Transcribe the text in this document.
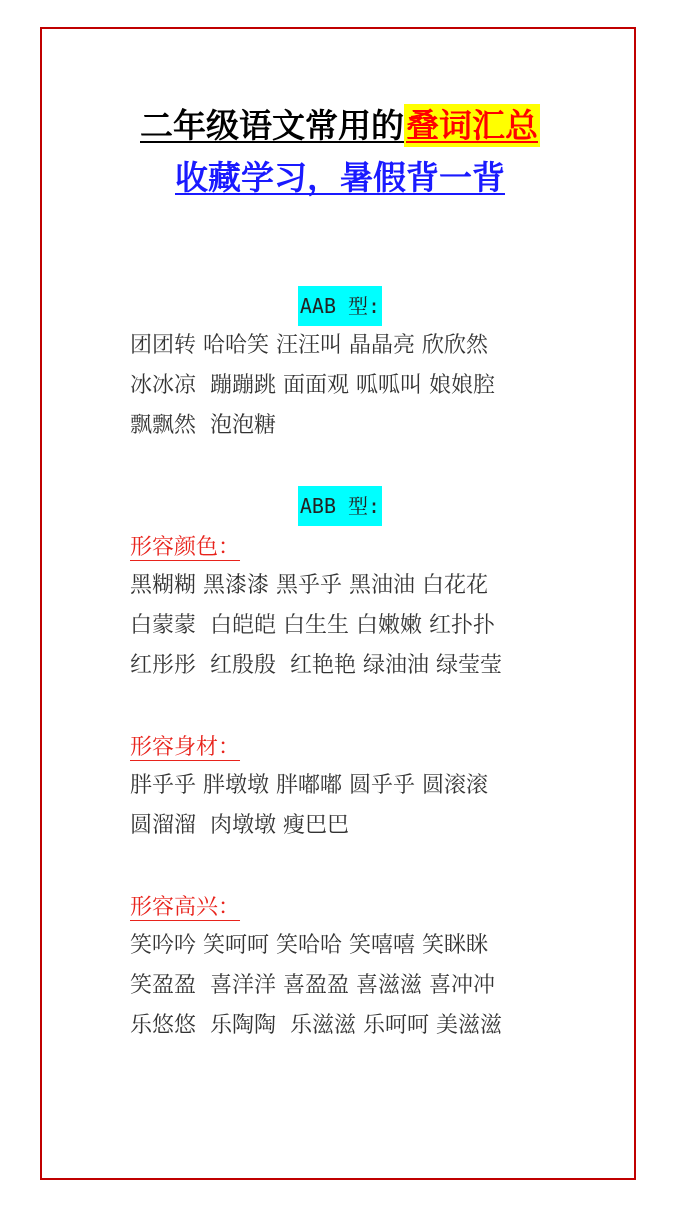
二年级语文常用的叠词汇总
收藏学习，暑假背一背
AAB 型:
团团转 哈哈笑 汪汪叫 晶晶亮 欣欣然
冰冰凉  蹦蹦跳 面面观 呱呱叫 娘娘腔
飘飘然  泡泡糖
ABB 型:
形容颜色：
黑糊糊 黑漆漆 黑乎乎 黑油油 白花花
白蒙蒙  白皑皑 白生生 白嫩嫩 红扑扑
红彤彤  红殷殷  红艳艳 绿油油 绿莹莹
形容身材：
胖乎乎 胖墩墩 胖嘟嘟 圆乎乎 圆滚滚
圆溜溜  肉墩墩 瘦巴巴
形容高兴：
笑吟吟 笑呵呵 笑哈哈 笑嘻嘻 笑眯眯
笑盈盈  喜洋洋 喜盈盈 喜滋滋 喜冲冲
乐悠悠  乐陶陶  乐滋滋 乐呵呵 美滋滋
